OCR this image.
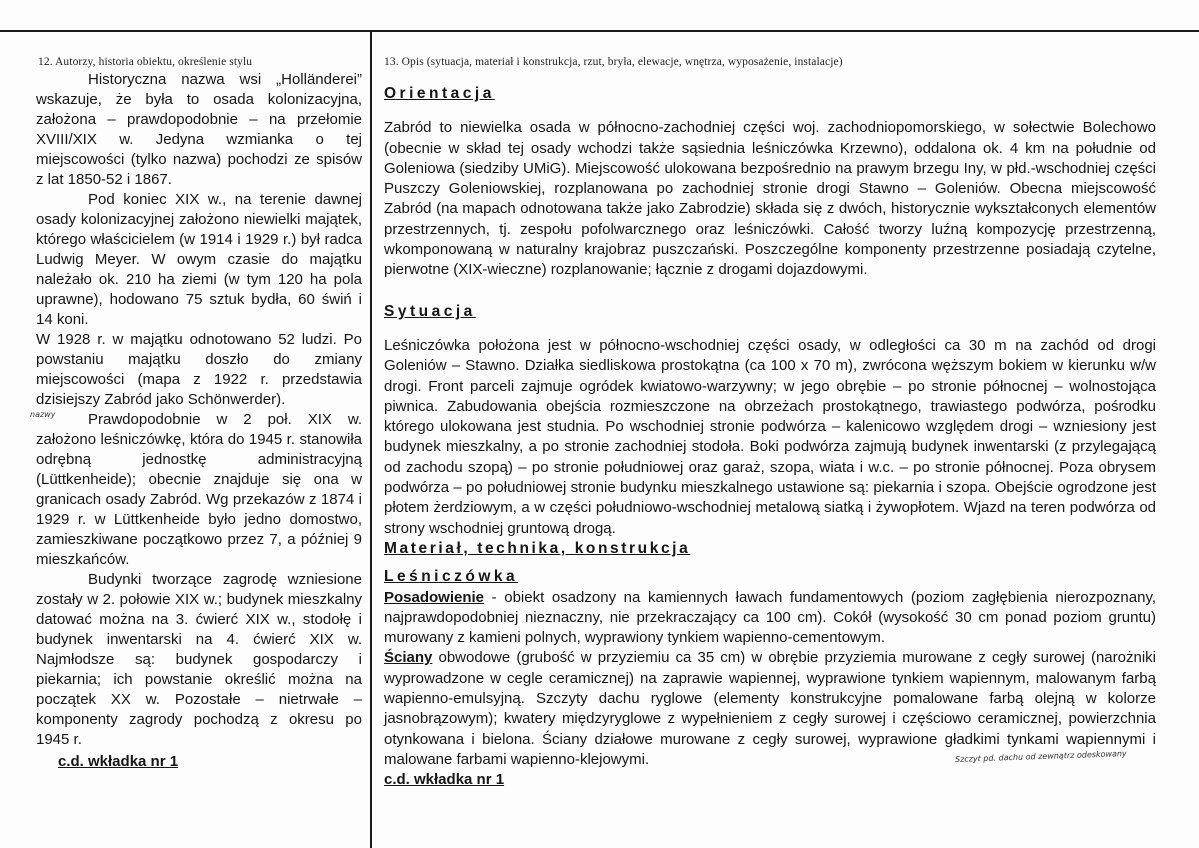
12. Autorzy, historia obiektu, określenie stylu	13. Opis (sytuacja, materiał i konstrukcja, rzut, bryła, elewacje, wnętrza, wyposażenie, instalacje)
nazwy

Historyczna nazwa wsi „Holländerei” wskazuje, że była to osada kolonizacyjna, założona – prawdopodobnie – na przełomie XVIII/XIX w. Jedyna wzmianka o tej miejscowości (tylko nazwa) pochodzi ze spisów z lat 1850-52 i 1867.

Pod koniec XIX w., na terenie dawnej osady kolonizacyjnej założono niewielki majątek, którego właścicielem (w 1914 i 1929 r.) był radca Ludwig Meyer. W owym czasie do majątku należało ok. 210 ha ziemi (w tym 120 ha pola uprawne), hodowano 75 sztuk bydła, 60 świń i 14 koni.

W 1928 r. w majątku odnotowano 52 ludzi. Po powstaniu majątku doszło do zmiany miejscowości (mapa z 1922 r. przedstawia dzisiejszy Zabród jako Schönwerder).

Prawdopodobnie w 2 poł. XIX w. założono leśniczówkę, która do 1945 r. stanowiła odrębną jednostkę administracyjną (Lüttkenheide); obecnie znajduje się ona w granicach osady Zabród. Wg przekazów z 1874 i 1929 r. w Lüttkenheide było jedno domostwo, zamieszkiwane początkowo przez 7, a później 9 mieszkańców.

Budynki tworzące zagrodę wzniesione zostały w 2. połowie XIX w.; budynek mieszkalny datować można na 3. ćwierć XIX w., stodołę i budynek inwentarski na 4. ćwierć XIX w. Najmłodsze są: budynek gospodarczy i piekarnia; ich powstanie określić można na początek XX w. Pozostałe – nietrwałe – komponenty zagrody pochodzą z okresu po 1945 r.

c.d. wkładka nr 1
Orientacja

Zabród to niewielka osada w północno-zachodniej części woj. zachodniopomorskiego, w sołectwie Bolechowo (obecnie w skład tej osady wchodzi także sąsiednia leśniczówka Krzewno), oddalona ok. 4 km na południe od Goleniowa (siedziby UMiG). Miejscowość ulokowana bezpośrednio na prawym brzegu Iny, w płd.-wschodniej części Puszczy Goleniowskiej, rozplanowana po zachodniej stronie drogi Stawno – Goleniów. Obecna miejscowość Zabród (na mapach odnotowana także jako Zabrodzie) składa się z dwóch, historycznie wykształconych elementów przestrzennych, tj. zespołu pofolwarcznego oraz leśniczówki. Całość tworzy luźną kompozycję przestrzenną, wkomponowaną w naturalny krajobraz puszczański. Poszczególne komponenty przestrzenne posiadają czytelne, pierwotne (XIX-wieczne) rozplanowanie; łącznie z drogami dojazdowymi.

Sytuacja

Leśniczówka położona jest w północno-wschodniej części osady, w odległości ca 30 m na zachód od drogi Goleniów – Stawno. Działka siedliskowa prostokątna (ca 100 x 70 m), zwrócona węższym bokiem w kierunku w/w drogi. Front parceli zajmuje ogródek kwiatowo-warzywny; w jego obrębie – po stronie północnej – wolnostojąca piwnica. Zabudowania obejścia rozmieszczone na obrzeżach prostokątnego, trawiastego podwórza, pośrodku którego ulokowana jest studnia. Po wschodniej stronie podwórza – kalenicowo względem drogi – wzniesiony jest budynek mieszkalny, a po stronie zachodniej stodoła. Boki podwórza zajmują budynek inwentarski (z przylegającą od zachodu szopą) – po stronie południowej oraz garaż, szopa, wiata i w.c. – po stronie północnej. Poza obrysem podwórza – po południowej stronie budynku mieszkalnego ustawione są: piekarnia i szopa. Obejście ogrodzone jest płotem żerdziowym, a w części południowo-wschodniej metalową siatką i żywopłotem. Wjazd na teren podwórza od strony wschodniej gruntową drogą.

Materiał, technika, konstrukcja
Leśniczówka

Posadowienie - obiekt osadzony na kamiennych ławach fundamentowych (poziom zagłębienia nierozpoznany, najprawdopodobniej nieznaczny, nie przekraczający ca 100 cm). Cokół (wysokość 30 cm ponad poziom gruntu) murowany z kamieni polnych, wyprawiony tynkiem wapienno-cementowym.

Ściany obwodowe (grubość w przyziemiu ca 35 cm) w obrębie przyziemia murowane z cegły surowej (narożniki wyprowadzone w cegle ceramicznej) na zaprawie wapiennej, wyprawione tynkiem wapiennym, malowanym farbą wapienno-emulsyjną. Szczyty dachu ryglowe (elementy konstrukcyjne pomalowane farbą olejną w kolorze jasnobrązowym); kwatery międzyryglowe z wypełnieniem z cegły surowej i częściowo ceramicznej, powierzchnia otynkowana i bielona. Ściany działowe murowane z cegły surowej, wyprawione gładkimi tynkami wapiennymi i malowane farbami wapienno-klejowymi.

c.d. wkładka nr 1
Szczyt pd. dachu od zewnątrz odeskowany
